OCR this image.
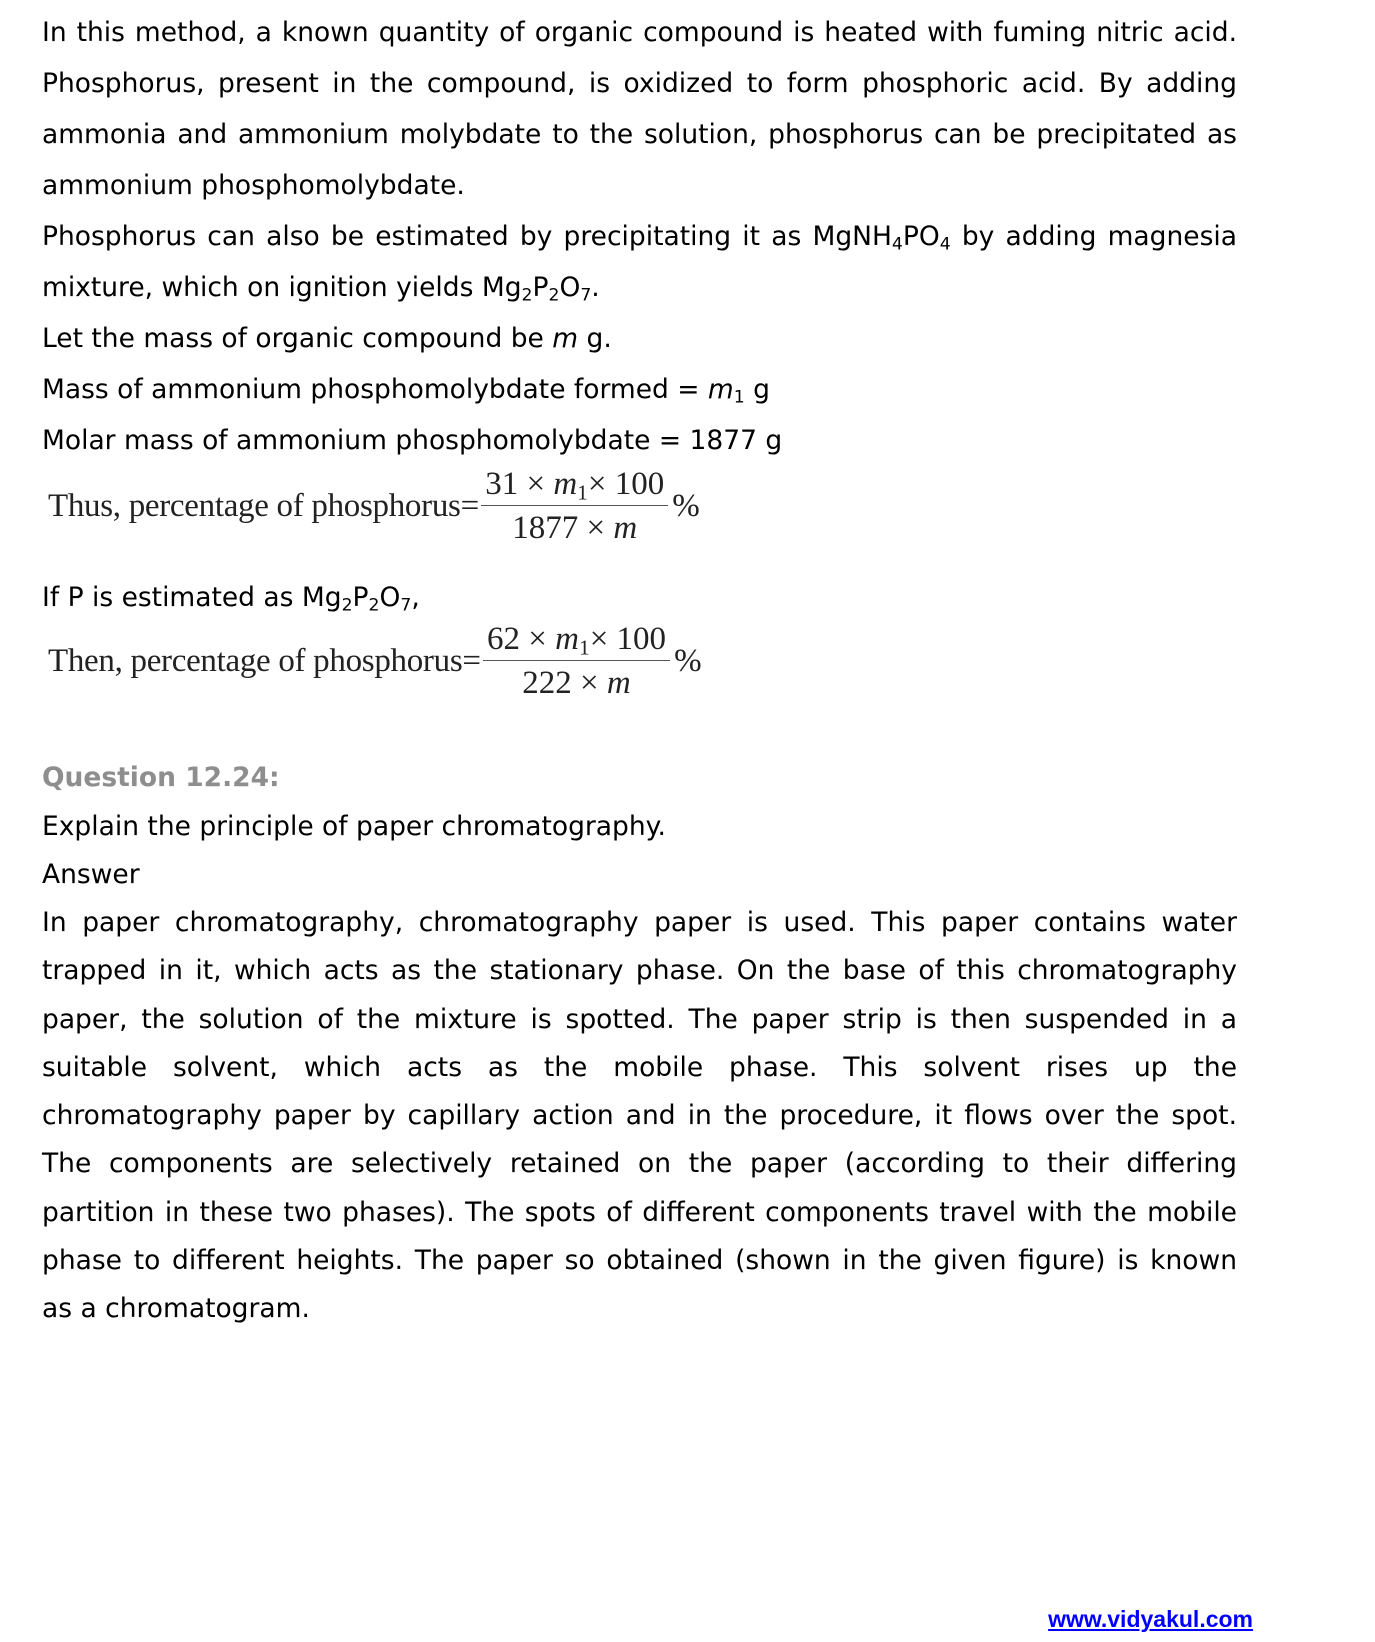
In this method, a known quantity of organic compound is heated with fuming nitric acid.
Phosphorus, present in the compound, is oxidized to form phosphoric acid. By adding
ammonia and ammonium molybdate to the solution, phosphorus can be precipitated as
ammonium phosphomolybdate.
Phosphorus can also be estimated by precipitating it as $MgNH_4PO_4$ by adding magnesia
mixture, which on ignition yields $Mg_2P_2O_7$.
Let the mass of organic compound be m g.
Mass of ammonium phosphomolybdate formed = $m_1$ g
Molar mass of ammonium phosphomolybdate = 1877 g
Thus, percentage of phosphorus = $\frac{31 \times m_1\times 100}{1877 \times m}$ %
If P is estimated as $Mg_2P_2O_7$,
Then, percentage of phosphorus = $\frac{62 \times m_1\times 100}{222 \times m}$ %
Question 12.24:
Explain the principle of paper chromatography.
Answer
In paper chromatography, chromatography paper is used. This paper contains water
trapped in it, which acts as the stationary phase. On the base of this chromatography
paper, the solution of the mixture is spotted. The paper strip is then suspended in a
suitable solvent, which acts as the mobile phase. This solvent rises up the
chromatography paper by capillary action and in the procedure, it flows over the spot.
The components are selectively retained on the paper (according to their differing
partition in these two phases). The spots of different components travel with the mobile
phase to different heights. The paper so obtained (shown in the given figure) is known
as a chromatogram.
www.vidyakul.com
